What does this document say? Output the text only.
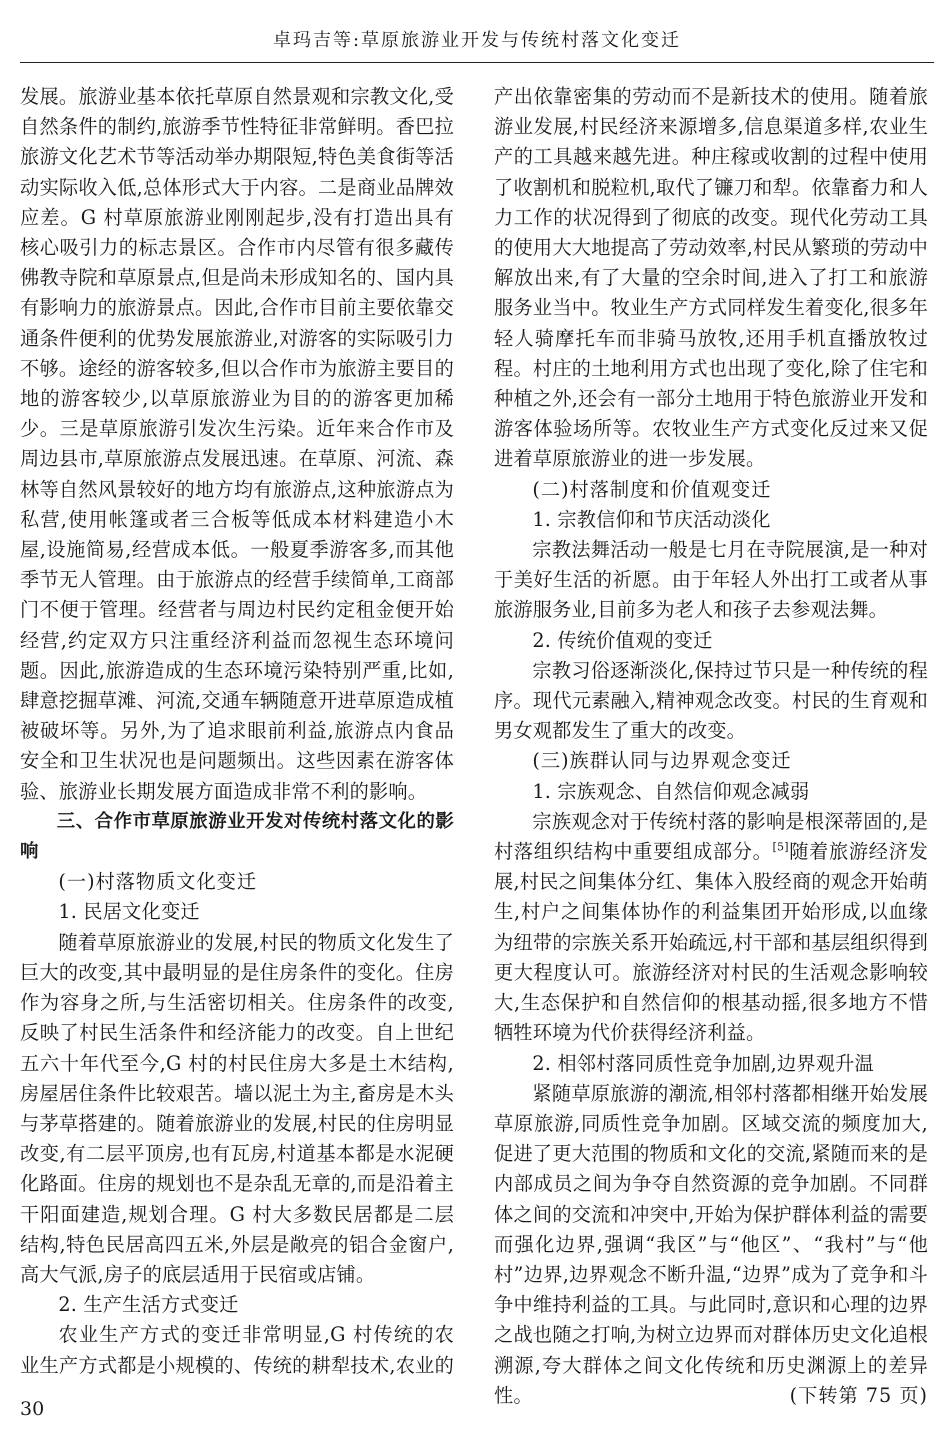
卓玛吉等:草原旅游业开发与传统村落文化变迁

发展。旅游业基本依托草原自然景观和宗教文化,受自然条件的制约,旅游季节性特征非常鲜明。香巴拉旅游文化艺术节等活动举办期限短,特色美食街等活动实际收入低,总体形式大于内容。二是商业品牌效应差。G 村草原旅游业刚刚起步,没有打造出具有核心吸引力的标志景区。合作市内尽管有很多藏传佛教寺院和草原景点,但是尚未形成知名的、国内具有影响力的旅游景点。因此,合作市目前主要依靠交通条件便利的优势发展旅游业,对游客的实际吸引力不够。途经的游客较多,但以合作市为旅游主要目的地的游客较少,以草原旅游业为目的的游客更加稀少。三是草原旅游引发次生污染。近年来合作市及周边县市,草原旅游点发展迅速。在草原、河流、森林等自然风景较好的地方均有旅游点,这种旅游点为私营,使用帐篷或者三合板等低成本材料建造小木屋,设施简易,经营成本低。一般夏季游客多,而其他季节无人管理。由于旅游点的经营手续简单,工商部门不便于管理。经营者与周边村民约定租金便开始经营,约定双方只注重经济利益而忽视生态环境问题。因此,旅游造成的生态环境污染特别严重,比如,肆意挖掘草滩、河流,交通车辆随意开进草原造成植被破坏等。另外,为了追求眼前利益,旅游点内食品安全和卫生状况也是问题频出。这些因素在游客体验、旅游业长期发展方面造成非常不利的影响。

三、合作市草原旅游业开发对传统村落文化的影响

(一)村落物质文化变迁

1. 民居文化变迁

随着草原旅游业的发展,村民的物质文化发生了巨大的改变,其中最明显的是住房条件的变化。住房作为容身之所,与生活密切相关。住房条件的改变,反映了村民生活条件和经济能力的改变。自上世纪五六十年代至今,G 村的村民住房大多是土木结构,房屋居住条件比较艰苦。墙以泥土为主,畜房是木头与茅草搭建的。随着旅游业的发展,村民的住房明显改变,有二层平顶房,也有瓦房,村道基本都是水泥硬化路面。住房的规划也不是杂乱无章的,而是沿着主干阳面建造,规划合理。G 村大多数民居都是二层结构,特色民居高四五米,外层是敞亮的铝合金窗户,高大气派,房子的底层适用于民宿或店铺。

2. 生产生活方式变迁

农业生产方式的变迁非常明显,G 村传统的农业生产方式都是小规模的、传统的耕犁技术,农业的

产出依靠密集的劳动而不是新技术的使用。随着旅游业发展,村民经济来源增多,信息渠道多样,农业生产的工具越来越先进。种庄稼或收割的过程中使用了收割机和脱粒机,取代了镰刀和犁。依靠畜力和人力工作的状况得到了彻底的改变。现代化劳动工具的使用大大地提高了劳动效率,村民从繁琐的劳动中解放出来,有了大量的空余时间,进入了打工和旅游服务业当中。牧业生产方式同样发生着变化,很多年轻人骑摩托车而非骑马放牧,还用手机直播放牧过程。村庄的土地利用方式也出现了变化,除了住宅和种植之外,还会有一部分土地用于特色旅游业开发和游客体验场所等。农牧业生产方式变化反过来又促进着草原旅游业的进一步发展。

(二)村落制度和价值观变迁

1. 宗教信仰和节庆活动淡化

宗教法舞活动一般是七月在寺院展演,是一种对于美好生活的祈愿。由于年轻人外出打工或者从事旅游服务业,目前多为老人和孩子去参观法舞。

2. 传统价值观的变迁

宗教习俗逐渐淡化,保持过节只是一种传统的程序。现代元素融入,精神观念改变。村民的生育观和男女观都发生了重大的改变。

(三)族群认同与边界观念变迁

1. 宗族观念、自然信仰观念减弱

宗族观念对于传统村落的影响是根深蒂固的,是村落组织结构中重要组成部分。[5]随着旅游经济发展,村民之间集体分红、集体入股经商的观念开始萌生,村户之间集体协作的利益集团开始形成,以血缘为纽带的宗族关系开始疏远,村干部和基层组织得到更大程度认可。旅游经济对村民的生活观念影响较大,生态保护和自然信仰的根基动摇,很多地方不惜牺牲环境为代价获得经济利益。

2. 相邻村落同质性竞争加剧,边界观升温

紧随草原旅游的潮流,相邻村落都相继开始发展草原旅游,同质性竞争加剧。区域交流的频度加大,促进了更大范围的物质和文化的交流,紧随而来的是内部成员之间为争夺自然资源的竞争加剧。不同群体之间的交流和冲突中,开始为保护群体利益的需要而强化边界,强调“我区”与“他区”、“我村”与“他村”边界,边界观念不断升温,“边界”成为了竞争和斗争中维持利益的工具。与此同时,意识和心理的边界之战也随之打响,为树立边界而对群体历史文化追根溯源,夸大群体之间文化传统和历史渊源上的差异性。	(下转第 75 页)

30
